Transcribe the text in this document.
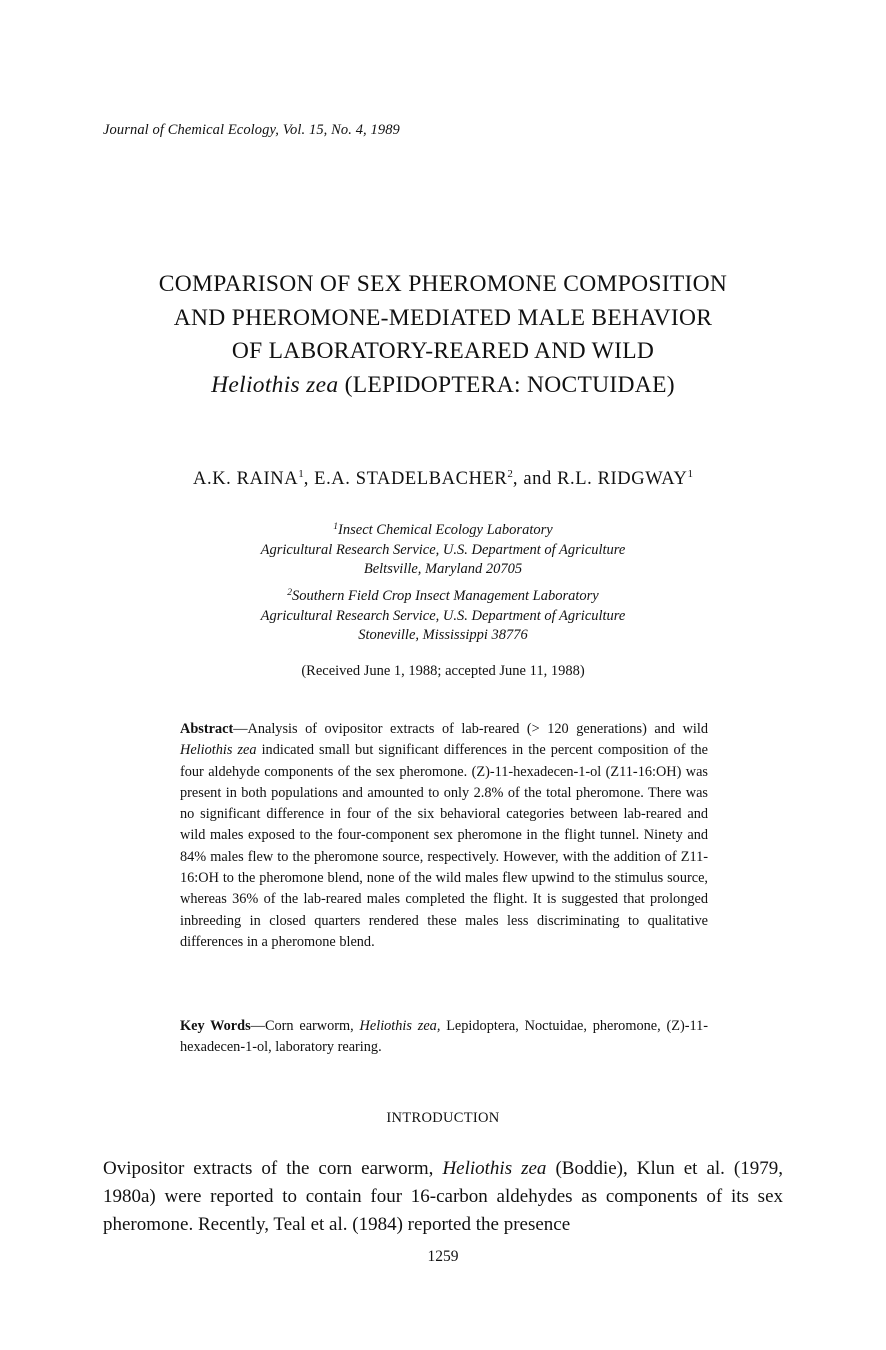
Journal of Chemical Ecology, Vol. 15, No. 4, 1989
COMPARISON OF SEX PHEROMONE COMPOSITION
AND PHEROMONE-MEDIATED MALE BEHAVIOR
OF LABORATORY-REARED AND WILD
Heliothis zea (LEPIDOPTERA: NOCTUIDAE)
A.K. RAINA$^1$, E.A. STADELBACHER$^2$, and R.L. RIDGWAY$^1$
$^1$Insect Chemical Ecology Laboratory
Agricultural Research Service, U.S. Department of Agriculture
Beltsville, Maryland 20705
$^2$Southern Field Crop Insect Management Laboratory
Agricultural Research Service, U.S. Department of Agriculture
Stoneville, Mississippi 38776
(Received June 1, 1988; accepted June 11, 1988)

Abstract—Analysis of ovipositor extracts of lab-reared (> 120 generations) and wild Heliothis zea indicated small but significant differences in the percent composition of the four aldehyde components of the sex pheromone. (Z)-11-hexadecen-1-ol (Z11-16:OH) was present in both populations and amounted to only 2.8% of the total pheromone. There was no significant difference in four of the six behavioral categories between lab-reared and wild males exposed to the four-component sex pheromone in the flight tunnel. Ninety and 84% males flew to the pheromone source, respectively. However, with the addition of Z11-16:OH to the pheromone blend, none of the wild males flew upwind to the stimulus source, whereas 36% of the lab-reared males completed the flight. It is suggested that prolonged inbreeding in closed quarters rendered these males less discriminating to qualitative differences in a pheromone blend.

Key Words—Corn earworm, Heliothis zea, Lepidoptera, Noctuidae, pheromone, (Z)-11-hexadecen-1-ol, laboratory rearing.

INTRODUCTION

Ovipositor extracts of the corn earworm, Heliothis zea (Boddie), Klun et al. (1979, 1980a) were reported to contain four 16-carbon aldehydes as components of its sex pheromone. Recently, Teal et al. (1984) reported the presence

1259
